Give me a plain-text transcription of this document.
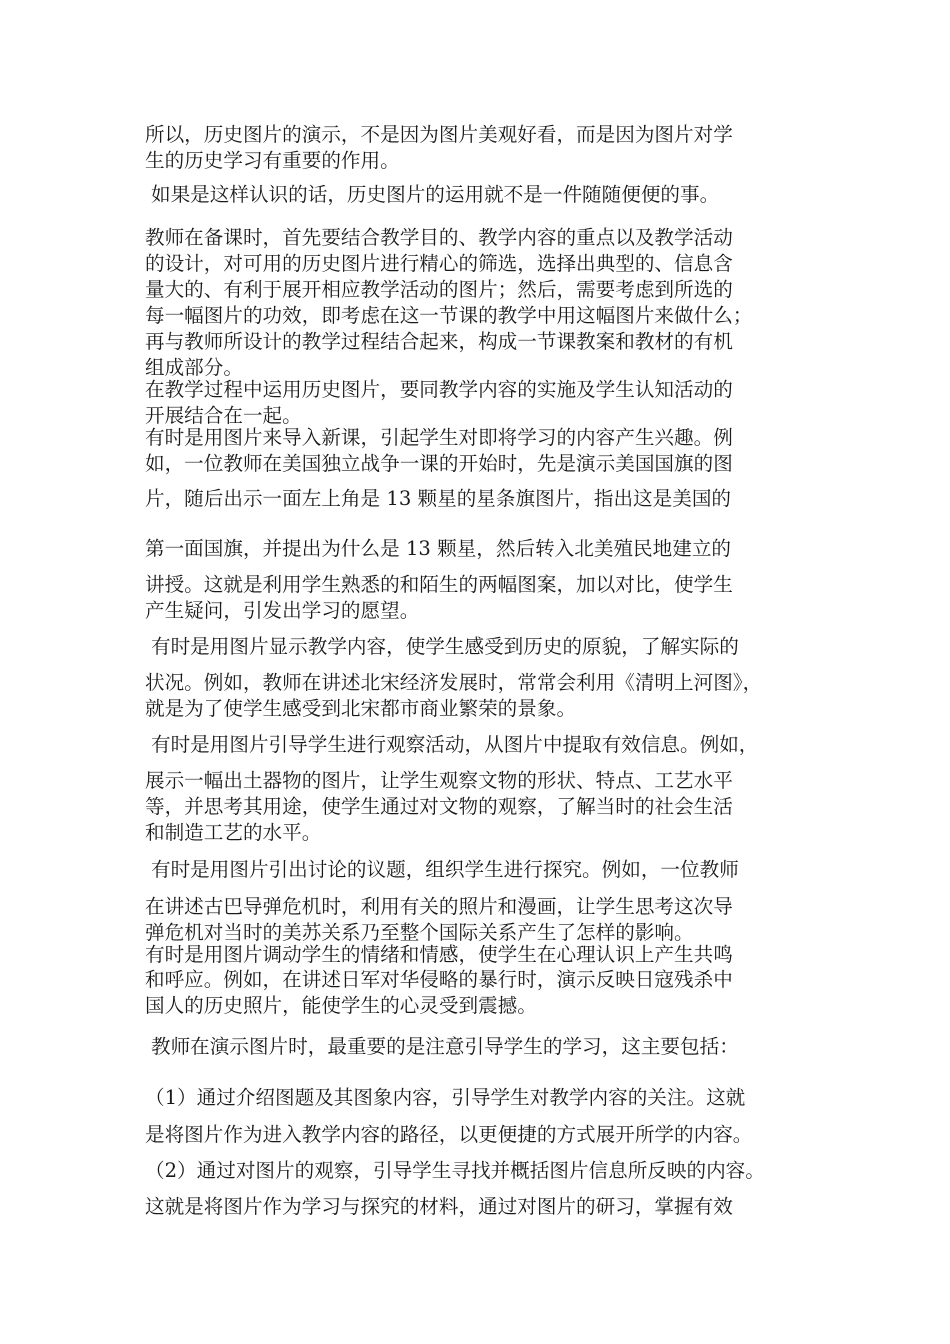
所以，历史图片的演示，不是因为图片美观好看，而是因为图片对学
生的历史学习有重要的作用。
如果是这样认识的话，历史图片的运用就不是一件随随便便的事。
教师在备课时，首先要结合教学目的、教学内容的重点以及教学活动
的设计，对可用的历史图片进行精心的筛选，选择出典型的、信息含
量大的、有利于展开相应教学活动的图片；然后，需要考虑到所选的
每一幅图片的功效，即考虑在这一节课的教学中用这幅图片来做什么；
再与教师所设计的教学过程结合起来，构成一节课教案和教材的有机
组成部分。
在教学过程中运用历史图片，要同教学内容的实施及学生认知活动的
开展结合在一起。
有时是用图片来导入新课，引起学生对即将学习的内容产生兴趣。例
如，一位教师在美国独立战争一课的开始时，先是演示美国国旗的图
片，随后出示一面左上角是 13 颗星的星条旗图片，指出这是美国的
第一面国旗，并提出为什么是 13 颗星，然后转入北美殖民地建立的
讲授。这就是利用学生熟悉的和陌生的两幅图案，加以对比，使学生
产生疑问，引发出学习的愿望。
有时是用图片显示教学内容，使学生感受到历史的原貌，了解实际的
状况。例如，教师在讲述北宋经济发展时，常常会利用《清明上河图》，
就是为了使学生感受到北宋都市商业繁荣的景象。
有时是用图片引导学生进行观察活动，从图片中提取有效信息。例如，
展示一幅出土器物的图片，让学生观察文物的形状、特点、工艺水平
等，并思考其用途，使学生通过对文物的观察，了解当时的社会生活
和制造工艺的水平。
有时是用图片引出讨论的议题，组织学生进行探究。例如，一位教师
在讲述古巴导弹危机时，利用有关的照片和漫画，让学生思考这次导
弹危机对当时的美苏关系乃至整个国际关系产生了怎样的影响。
有时是用图片调动学生的情绪和情感，使学生在心理认识上产生共鸣
和呼应。例如，在讲述日军对华侵略的暴行时，演示反映日寇残杀中
国人的历史照片，能使学生的心灵受到震撼。
教师在演示图片时，最重要的是注意引导学生的学习，这主要包括：
（1）通过介绍图题及其图象内容，引导学生对教学内容的关注。这就
是将图片作为进入教学内容的路径，以更便捷的方式展开所学的内容。
（2）通过对图片的观察，引导学生寻找并概括图片信息所反映的内容。
这就是将图片作为学习与探究的材料，通过对图片的研习，掌握有效
